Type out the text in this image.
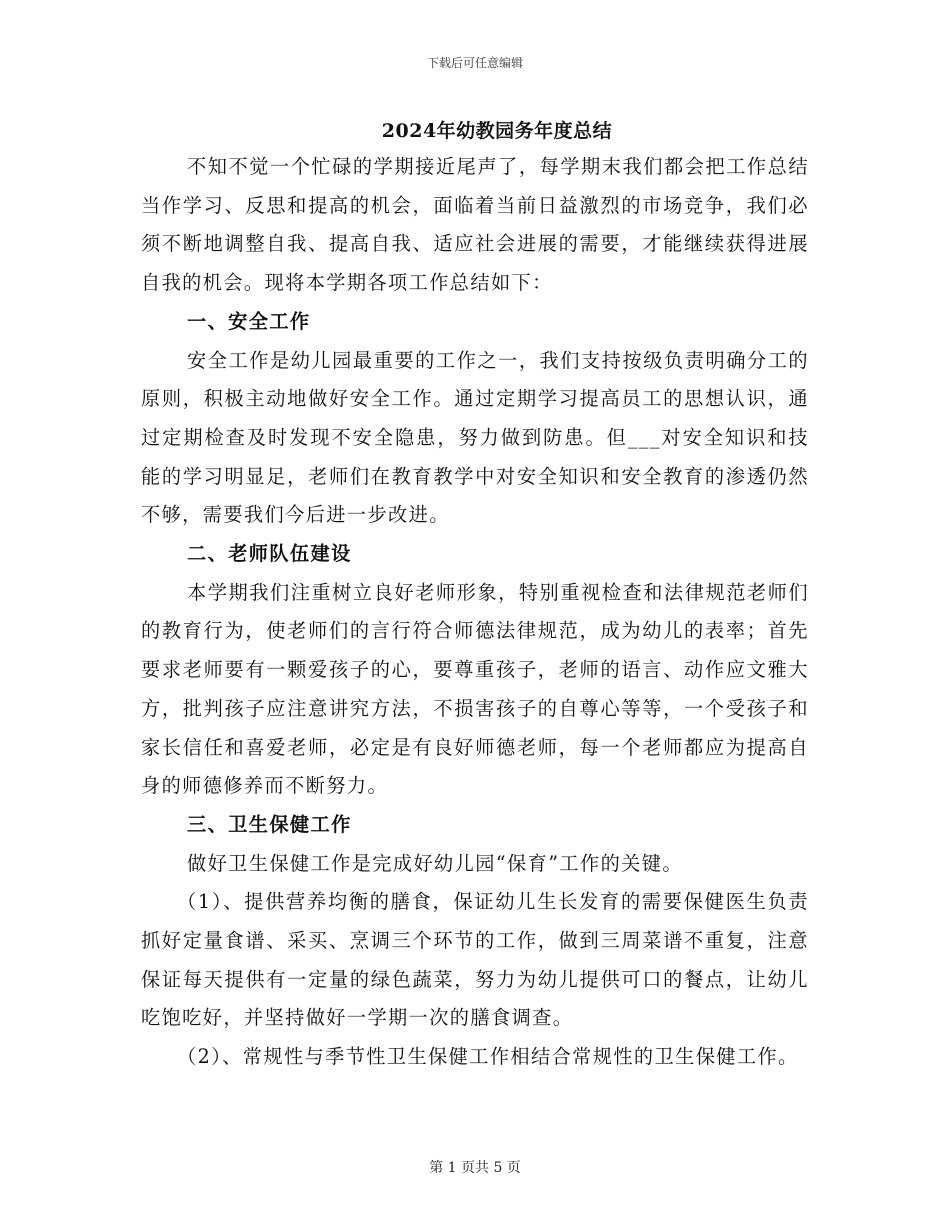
下载后可任意编辑
2024年幼教园务年度总结

不知不觉一个忙碌的学期接近尾声了，每学期末我们都会把工作总结当作学习、反思和提高的机会，面临着当前日益激烈的市场竞争，我们必须不断地调整自我、提高自我、适应社会进展的需要，才能继续获得进展自我的机会。现将本学期各项工作总结如下：

一、安全工作

安全工作是幼儿园最重要的工作之一，我们支持按级负责明确分工的原则，积极主动地做好安全工作。通过定期学习提高员工的思想认识，通过定期检查及时发现不安全隐患，努力做到防患。但___对安全知识和技能的学习明显足，老师们在教育教学中对安全知识和安全教育的渗透仍然不够，需要我们今后进一步改进。

二、老师队伍建设

本学期我们注重树立良好老师形象，特别重视检查和法律规范老师们的教育行为，使老师们的言行符合师德法律规范，成为幼儿的表率；首先要求老师要有一颗爱孩子的心，要尊重孩子，老师的语言、动作应文雅大方，批判孩子应注意讲究方法，不损害孩子的自尊心等等，一个受孩子和家长信任和喜爱老师，必定是有良好师德老师，每一个老师都应为提高自身的师德修养而不断努力。

三、卫生保健工作

做好卫生保健工作是完成好幼儿园“保育”工作的关键。

（1）、提供营养均衡的膳食，保证幼儿生长发育的需要保健医生负责抓好定量食谱、采买、烹调三个环节的工作，做到三周菜谱不重复，注意保证每天提供有一定量的绿色蔬菜，努力为幼儿提供可口的餐点，让幼儿吃饱吃好，并坚持做好一学期一次的膳食调查。

（2）、常规性与季节性卫生保健工作相结合常规性的卫生保健工作。

第 1 页共 5 页
